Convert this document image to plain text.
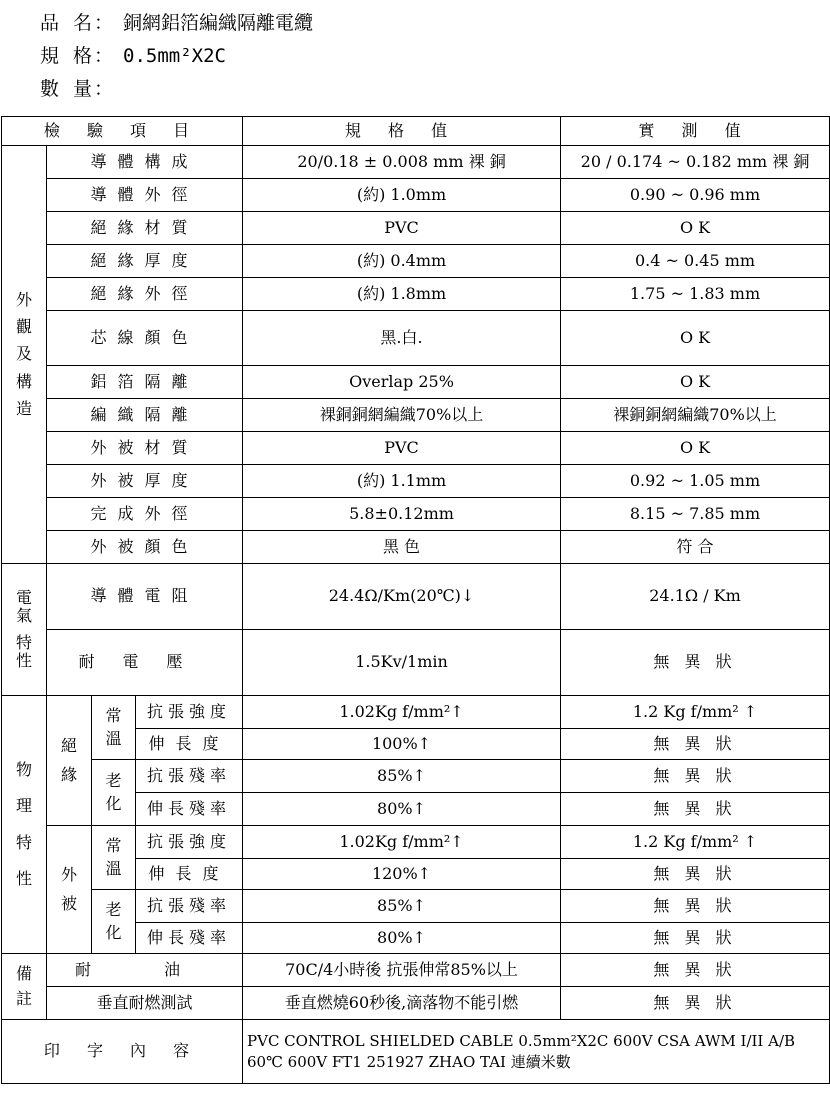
品 名 ： 銅網鋁箔編織隔離電纜
規 格 ： 0.5mm²X2C
數 量 ：
檢 驗 項 目				規 格 值	實 測 值

外
觀
及
構
造	導體構成			20/0.18 ± 0.008 mm 裸 銅	20 / 0.174 ~ 0.182 mm 裸 銅
	導體外徑			(約) 1.0mm	0.90 ~ 0.96 mm
	絕緣材質			PVC	O K
	絕緣厚度			(約) 0.4mm	0.4 ~ 0.45 mm
	絕緣外徑			(約) 1.8mm	1.75 ~ 1.83 mm
	芯線顏色			黑.白.	O K
	鋁箔隔離			Overlap 25%	O K
	編織隔離			裸銅銅網編織70%以上	裸銅銅網編織70%以上
	外被材質			PVC	O K
	外被厚度			(約) 1.1mm	0.92 ~ 1.05 mm
	完成外徑			5.8±0.12mm	8.15 ~ 7.85 mm
	外被顏色			黑 色	符 合

電
氣
特
性	導體電阻			24.4Ω/Km(20℃)↓	24.1Ω / Km
	耐電壓			1.5Kv/1min	無 異 狀

物
理
特
性	絕
緣	常
溫	抗張強度	1.02Kg f/mm²↑	1.2 Kg f/mm² ↑
			伸長度	100%↑	無 異 狀

		老
化	抗張殘率	85%↑	無 異 狀
			伸長殘率	80%↑	無 異 狀

	外
被	常
溫	抗張強度	1.02Kg f/mm²↑	1.2 Kg f/mm² ↑
			伸長度	120%↑	無 異 狀

		老
化	抗張殘率	85%↑	無 異 狀
			伸長殘率	80%↑	無 異 狀

備
註	耐 油			70C/4小時後 抗張伸常85%以上	無 異 狀
	垂直耐燃測試			垂直燃燒60秒後,滴落物不能引燃	無 異 狀
印 字 內 容				PVC CONTROL SHIELDED CABLE 0.5mm²X2C 600V CSA AWM I/II A/B 60℃ 600V FT1 251927 ZHAO TAI 連續米數	
